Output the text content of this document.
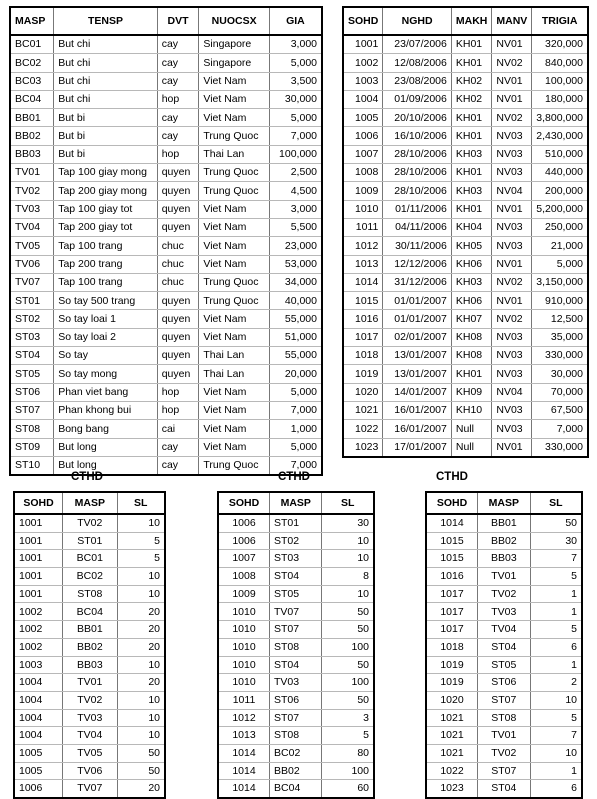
MASP	TENSP	DVT	NUOCSX	GIA
BC01	But chi	cay	Singapore	3,000
BC02	But chi	cay	Singapore	5,000
BC03	But chi	cay	Viet Nam	3,500
BC04	But chi	hop	Viet Nam	30,000
BB01	But bi	cay	Viet Nam	5,000
BB02	But bi	cay	Trung Quoc	7,000
BB03	But bi	hop	Thai Lan	100,000
TV01	Tap 100 giay mong	quyen	Trung Quoc	2,500
TV02	Tap 200 giay mong	quyen	Trung Quoc	4,500
TV03	Tap 100 giay tot	quyen	Viet Nam	3,000
TV04	Tap 200 giay tot	quyen	Viet Nam	5,500
TV05	Tap 100 trang	chuc	Viet Nam	23,000
TV06	Tap 200 trang	chuc	Viet Nam	53,000
TV07	Tap 100 trang	chuc	Trung Quoc	34,000
ST01	So tay 500 trang	quyen	Trung Quoc	40,000
ST02	So tay loai 1	quyen	Viet Nam	55,000
ST03	So tay loai 2	quyen	Viet Nam	51,000
ST04	So tay	quyen	Thai Lan	55,000
ST05	So tay mong	quyen	Thai Lan	20,000
ST06	Phan viet bang	hop	Viet Nam	5,000
ST07	Phan khong bui	hop	Viet Nam	7,000
ST08	Bong bang	cai	Viet Nam	1,000
ST09	But long	cay	Viet Nam	5,000
ST10	But long	cay	Trung Quoc	7,000
SOHD	NGHD	MAKH	MANV	TRIGIA
1001	23/07/2006	KH01	NV01	320,000
1002	12/08/2006	KH01	NV02	840,000
1003	23/08/2006	KH02	NV01	100,000
1004	01/09/2006	KH02	NV01	180,000
1005	20/10/2006	KH01	NV02	3,800,000
1006	16/10/2006	KH01	NV03	2,430,000
1007	28/10/2006	KH03	NV03	510,000
1008	28/10/2006	KH01	NV03	440,000
1009	28/10/2006	KH03	NV04	200,000
1010	01/11/2006	KH01	NV01	5,200,000
1011	04/11/2006	KH04	NV03	250,000
1012	30/11/2006	KH05	NV03	21,000
1013	12/12/2006	KH06	NV01	5,000
1014	31/12/2006	KH03	NV02	3,150,000
1015	01/01/2007	KH06	NV01	910,000
1016	01/01/2007	KH07	NV02	12,500
1017	02/01/2007	KH08	NV03	35,000
1018	13/01/2007	KH08	NV03	330,000
1019	13/01/2007	KH01	NV03	30,000
1020	14/01/2007	KH09	NV04	70,000
1021	16/01/2007	KH10	NV03	67,500
1022	16/01/2007	Null	NV03	7,000
1023	17/01/2007	Null	NV01	330,000
CTHD	CTHD	CTHD
SOHD	MASP	SL
1001	TV02	10
1001	ST01	5
1001	BC01	5
1001	BC02	10
1001	ST08	10
1002	BC04	20
1002	BB01	20
1002	BB02	20
1003	BB03	10
1004	TV01	20
1004	TV02	10
1004	TV03	10
1004	TV04	10
1005	TV05	50
1005	TV06	50
1006	TV07	20
SOHD	MASP	SL
1006	ST01	30
1006	ST02	10
1007	ST03	10
1008	ST04	8
1009	ST05	10
1010	TV07	50
1010	ST07	50
1010	ST08	100
1010	ST04	50
1010	TV03	100
1011	ST06	50
1012	ST07	3
1013	ST08	5
1014	BC02	80
1014	BB02	100
1014	BC04	60
SOHD	MASP	SL
1014	BB01	50
1015	BB02	30
1015	BB03	7
1016	TV01	5
1017	TV02	1
1017	TV03	1
1017	TV04	5
1018	ST04	6
1019	ST05	1
1019	ST06	2
1020	ST07	10
1021	ST08	5
1021	TV01	7
1021	TV02	10
1022	ST07	1
1023	ST04	6
